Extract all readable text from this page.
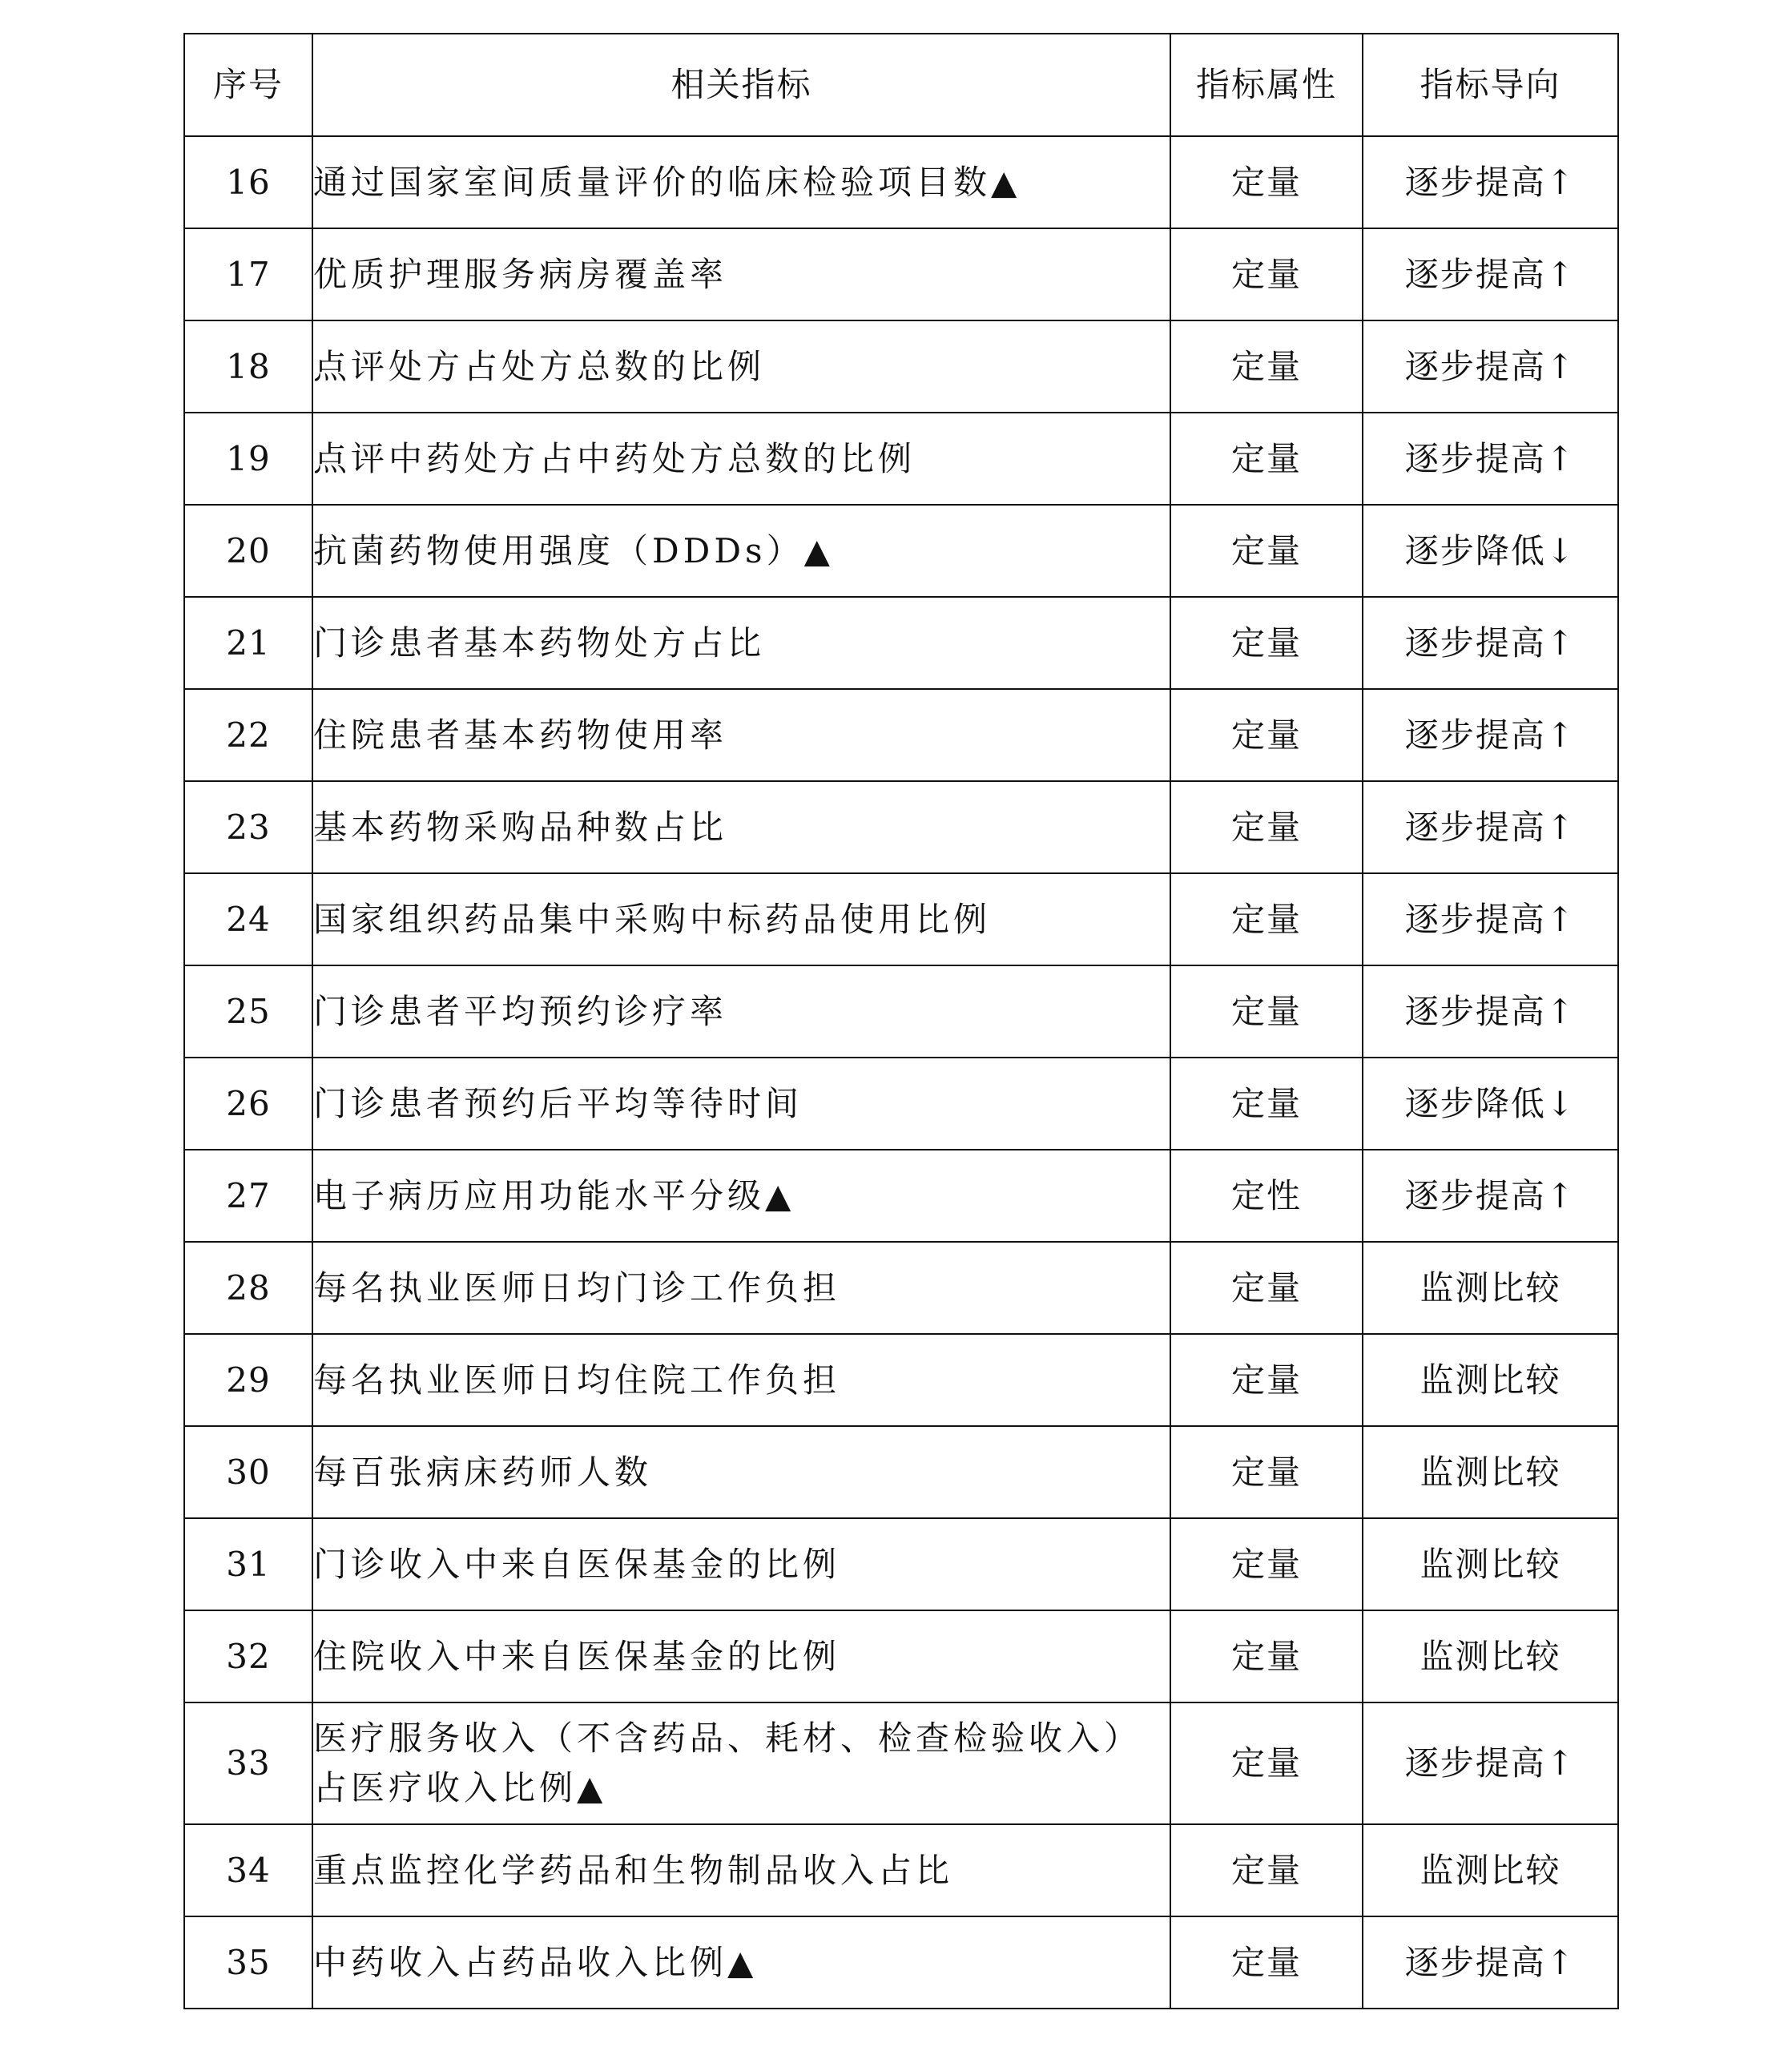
序号	相关指标	指标属性	指标导向
16	通过国家室间质量评价的临床检验项目数▲	定量	逐步提高↑
17	优质护理服务病房覆盖率	定量	逐步提高↑
18	点评处方占处方总数的比例	定量	逐步提高↑
19	点评中药处方占中药处方总数的比例	定量	逐步提高↑
20	抗菌药物使用强度（DDDs）▲	定量	逐步降低↓
21	门诊患者基本药物处方占比	定量	逐步提高↑
22	住院患者基本药物使用率	定量	逐步提高↑
23	基本药物采购品种数占比	定量	逐步提高↑
24	国家组织药品集中采购中标药品使用比例	定量	逐步提高↑
25	门诊患者平均预约诊疗率	定量	逐步提高↑
26	门诊患者预约后平均等待时间	定量	逐步降低↓
27	电子病历应用功能水平分级▲	定性	逐步提高↑
28	每名执业医师日均门诊工作负担	定量	监测比较
29	每名执业医师日均住院工作负担	定量	监测比较
30	每百张病床药师人数	定量	监测比较
31	门诊收入中来自医保基金的比例	定量	监测比较
32	住院收入中来自医保基金的比例	定量	监测比较
33	医疗服务收入（不含药品、耗材、检查检验收入）占医疗收入比例▲	定量	逐步提高↑
34	重点监控化学药品和生物制品收入占比	定量	监测比较
35	中药收入占药品收入比例▲	定量	逐步提高↑
